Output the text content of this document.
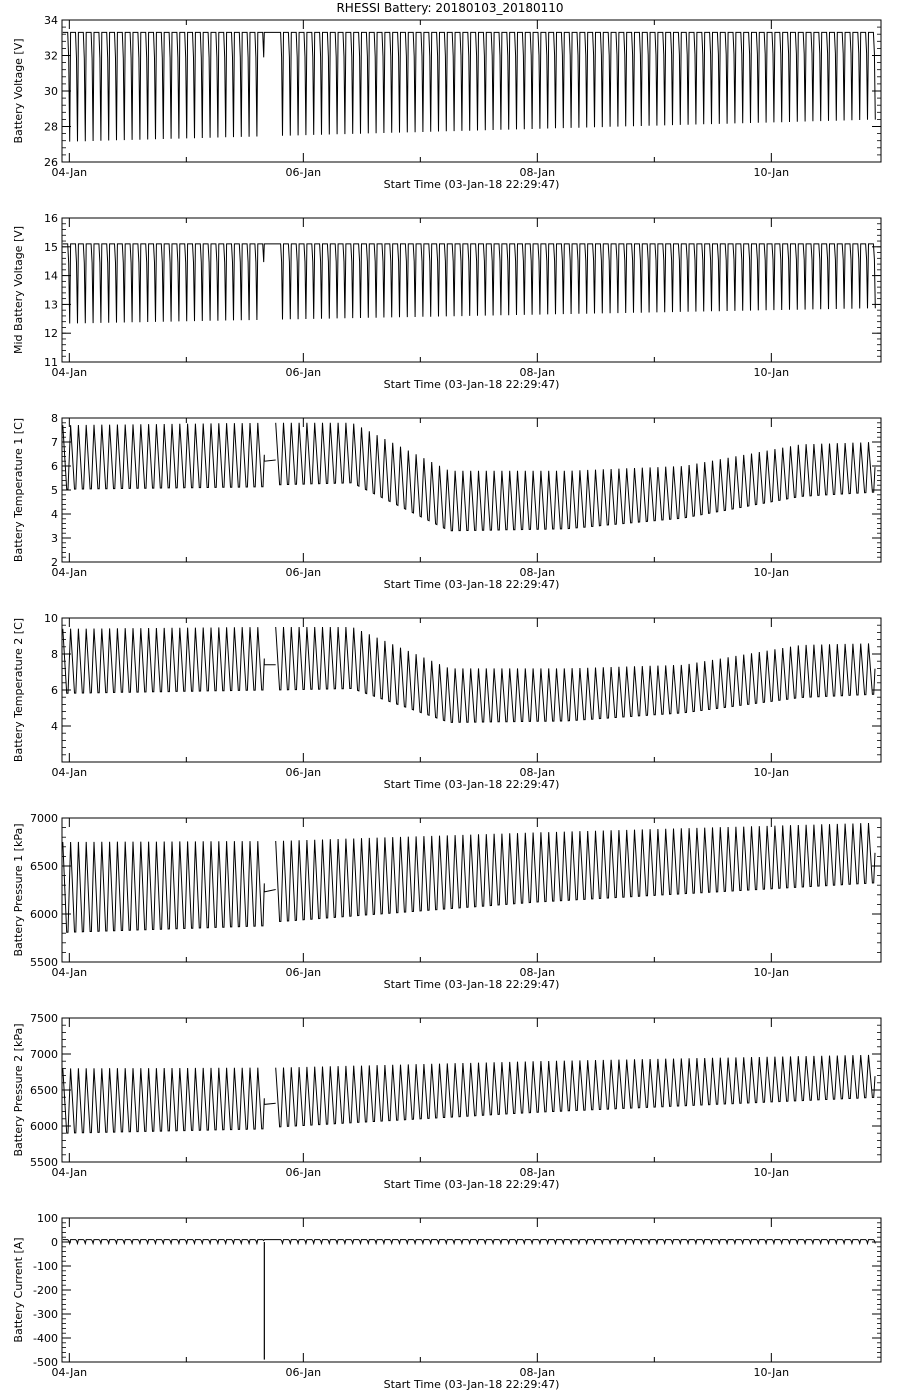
RHESSI Battery: 20180103_20180110
26
28
30
32
34
04-Jan	06-Jan	08-Jan	10-Jan
Start Time (03-Jan-18 22:29:47)
Battery Voltage [V]
11
12
13
14
15
16
04-Jan	06-Jan	08-Jan	10-Jan
Start Time (03-Jan-18 22:29:47)
Mid Battery Voltage [V]
2
3
4
5
6
7
8
04-Jan	06-Jan	08-Jan	10-Jan
Start Time (03-Jan-18 22:29:47)
Battery Temperature 1 [C]
4
6
8
10
04-Jan	06-Jan	08-Jan	10-Jan
Start Time (03-Jan-18 22:29:47)
Battery Temperature 2 [C]
5500
6000
6500
7000
04-Jan	06-Jan	08-Jan	10-Jan
Start Time (03-Jan-18 22:29:47)
Battery Pressure 1 [kPa]
5500
6000
6500
7000
7500
04-Jan	06-Jan	08-Jan	10-Jan
Start Time (03-Jan-18 22:29:47)
Battery Pressure 2 [kPa]
-500
-400
-300
-200
-100
0
100
04-Jan	06-Jan	08-Jan	10-Jan
Start Time (03-Jan-18 22:29:47)
Battery Current [A]
